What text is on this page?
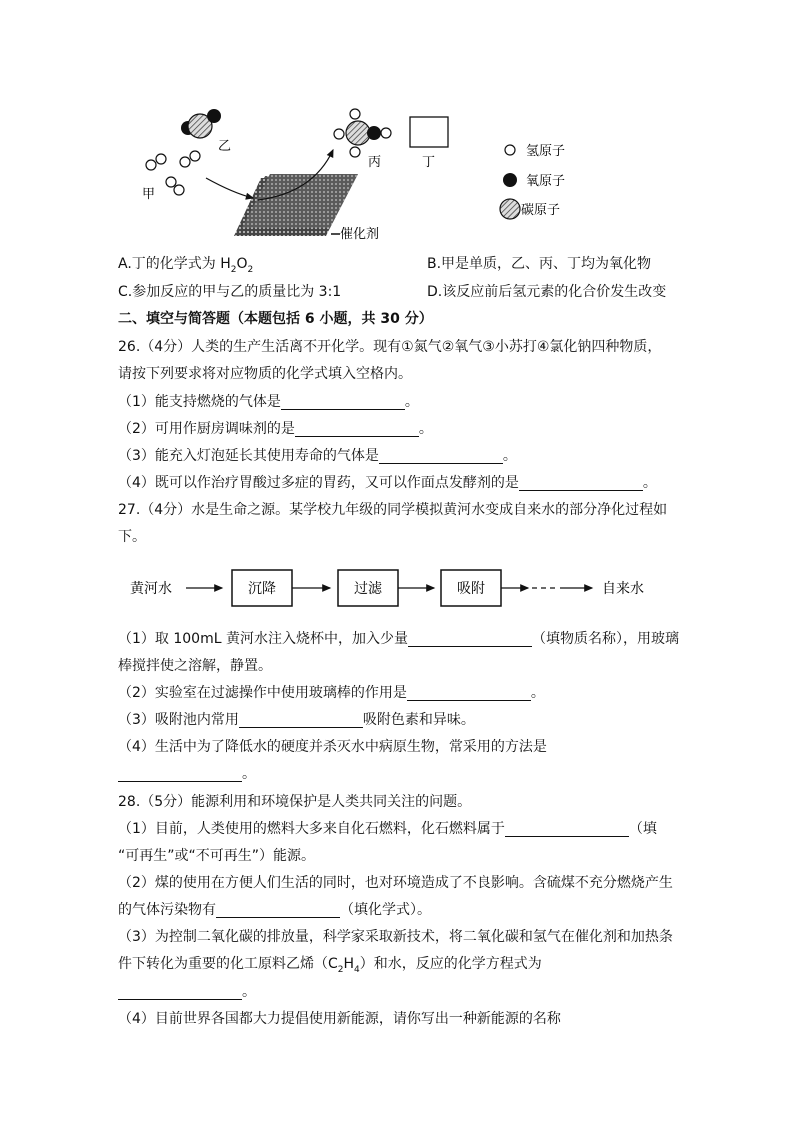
乙
甲
催化剂
丙	丁
氢原子
氧原子
碳原子
A.丁的化学式为 $H_2O_2$	B.甲是单质，乙、丙、丁均为氧化物
C.参加反应的甲与乙的质量比为 3:1	D.该反应前后氢元素的化合价发生改变
二、填空与简答题（本题包括 6 小题，共 30 分）
26.（4分）人类的生产生活离不开化学。现有①氮气②氧气③小苏打④氯化钠四种物质，
请按下列要求将对应物质的化学式填入空格内。
（1）能支持燃烧的气体是	。
（2）可用作厨房调味剂的是	。
（3）能充入灯泡延长其使用寿命的气体是	。
（4）既可以作治疗胃酸过多症的胃药，又可以作面点发酵剂的是	。
27.（4分）水是生命之源。某学校九年级的同学模拟黄河水变成自来水的部分净化过程如
下。
黄河水	沉降	过滤	吸附	自来水
（1）取 100mL 黄河水注入烧杯中，加入少量	（填物质名称），用玻璃
棒搅拌使之溶解，静置。
（2）实验室在过滤操作中使用玻璃棒的作用是	。
（3）吸附池内常用	吸附色素和异味。
（4）生活中为了降低水的硬度并杀灭水中病原生物，常采用的方法是
。
28.（5分）能源利用和环境保护是人类共同关注的问题。
（1）目前，人类使用的燃料大多来自化石燃料，化石燃料属于	（填
“可再生”或“不可再生”）能源。
（2）煤的使用在方便人们生活的同时，也对环境造成了不良影响。含硫煤不充分燃烧产生
的气体污染物有	（填化学式）。
（3）为控制二氧化碳的排放量，科学家采取新技术，将二氧化碳和氢气在催化剂和加热条
件下转化为重要的化工原料乙烯$(C_2H_4)$和水，反应的化学方程式为
。
（4）目前世界各国都大力提倡使用新能源，请你写出一种新能源的名称
